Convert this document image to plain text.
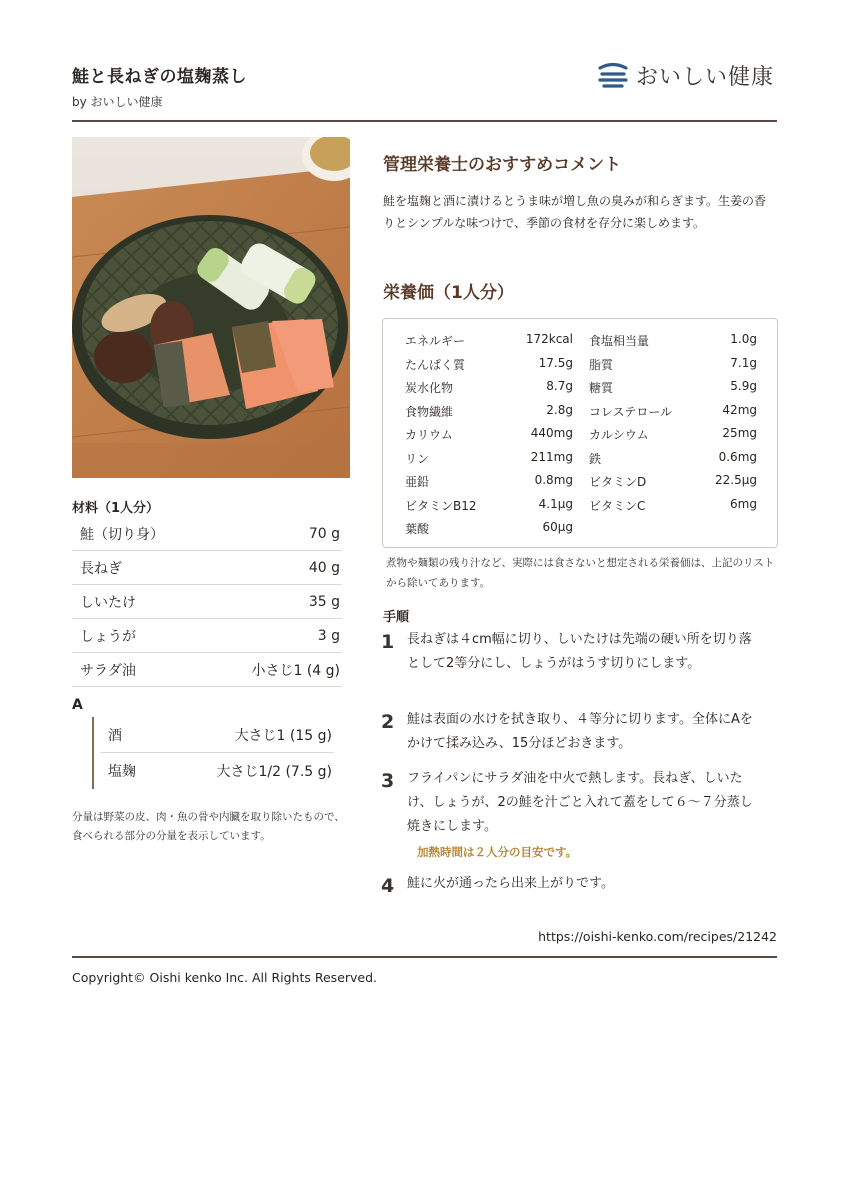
鮭と長ねぎの塩麹蒸し
by おいしい健康
おいしい健康
材料（1人分）
鮭（切り身）	70 g
長ねぎ	40 g
しいたけ	35 g
しょうが	3 g
サラダ油	小さじ1 (4 g)
A
酒	大さじ1 (15 g)
塩麹	大さじ1/2 (7.5 g)
分量は野菜の皮、肉・魚の骨や内臓を取り除いたもので、食べられる部分の分量を表示しています。
管理栄養士のおすすめコメント
鮭を塩麹と酒に漬けるとうま味が増し魚の臭みが和らぎます。生姜の香りとシンプルな味つけで、季節の食材を存分に楽しめます。
栄養価（1人分）
エネルギー	172kcal 食塩相当量	1.0g
たんぱく質	17.5g 脂質	7.1g
炭水化物	8.7g 糖質	5.9g
食物繊維	2.8g コレステロール	42mg
カリウム	440mg カルシウム	25mg
リン	211mg 鉄	0.6mg
亜鉛	0.8mg ビタミンD	22.5μg
ビタミンB12	4.1μg ビタミンC	6mg
葉酸	60μg
煮物や麺類の残り汁など、実際には食さないと想定される栄養価は、上記のリストから除いてあります。
手順
1 長ねぎは４cm幅に切り、しいたけは先端の硬い所を切り落として2等分にし、しょうがはうす切りにします。
2 鮭は表面の水けを拭き取り、４等分に切ります。全体にAをかけて揉み込み、15分ほどおきます。
3 フライパンにサラダ油を中火で熱します。長ねぎ、しいたけ、しょうが、2の鮭を汁ごと入れて蓋をして６〜７分蒸し焼きにします。
加熱時間は２人分の目安です。
4 鮭に火が通ったら出来上がりです。
https://oishi-kenko.com/recipes/21242
Copyright© Oishi kenko Inc. All Rights Reserved.
